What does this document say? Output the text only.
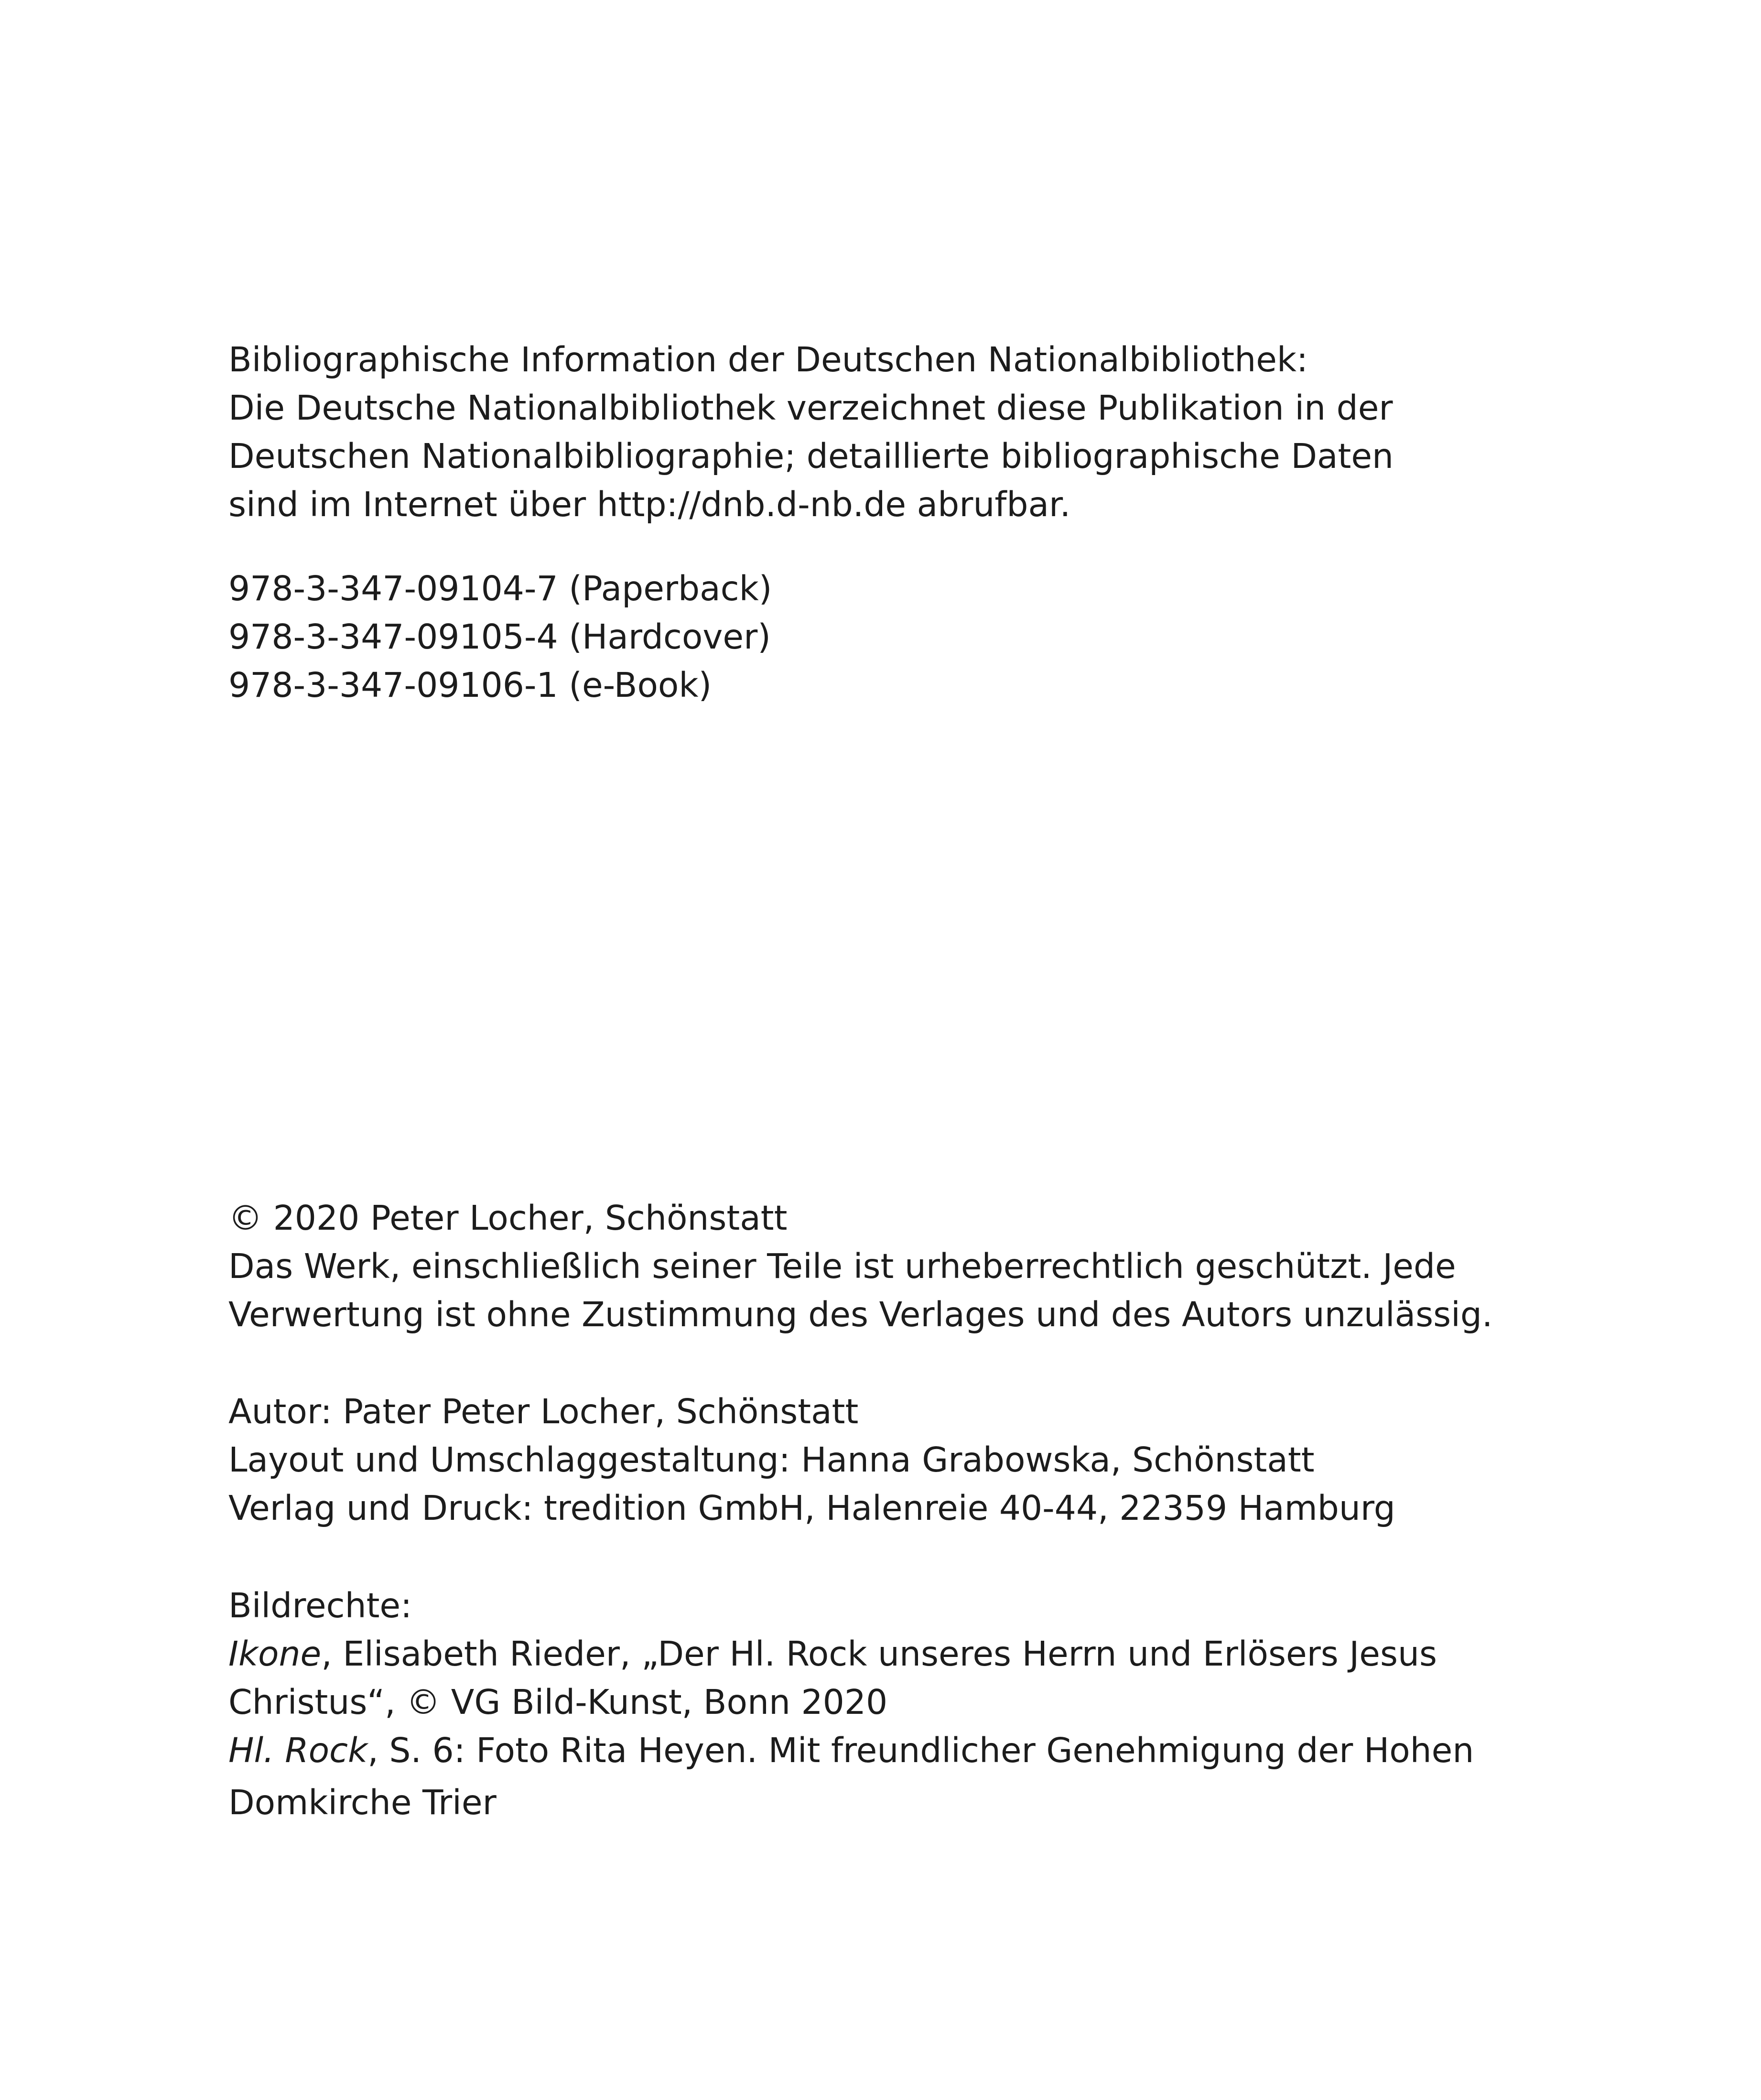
Bibliographische Information der Deutschen Nationalbibliothek:
Die Deutsche Nationalbibliothek verzeichnet diese Publikation in der
Deutschen Nationalbibliographie; detaillierte bibliographische Daten
sind im Internet über http://dnb.d-nb.de abrufbar.
978-3-347-09104-7 (Paperback)
978-3-347-09105-4 (Hardcover)
978-3-347-09106-1 (e-Book)
© 2020 Peter Locher, Schönstatt
Das Werk, einschließlich seiner Teile ist urheberrechtlich geschützt. Jede
Verwertung ist ohne Zustimmung des Verlages und des Autors unzulässig.
Autor: Pater Peter Locher, Schönstatt
Layout und Umschlaggestaltung: Hanna Grabowska, Schönstatt
Verlag und Druck: tredition GmbH, Halenreie 40-44, 22359 Hamburg
Bildrechte:
Ikone, Elisabeth Rieder, „Der Hl. Rock unseres Herrn und Erlösers Jesus
Christus“, © VG Bild-Kunst, Bonn 2020
Hl. Rock, S. 6: Foto Rita Heyen. Mit freundlicher Genehmigung der Hohen
Domkirche Trier
